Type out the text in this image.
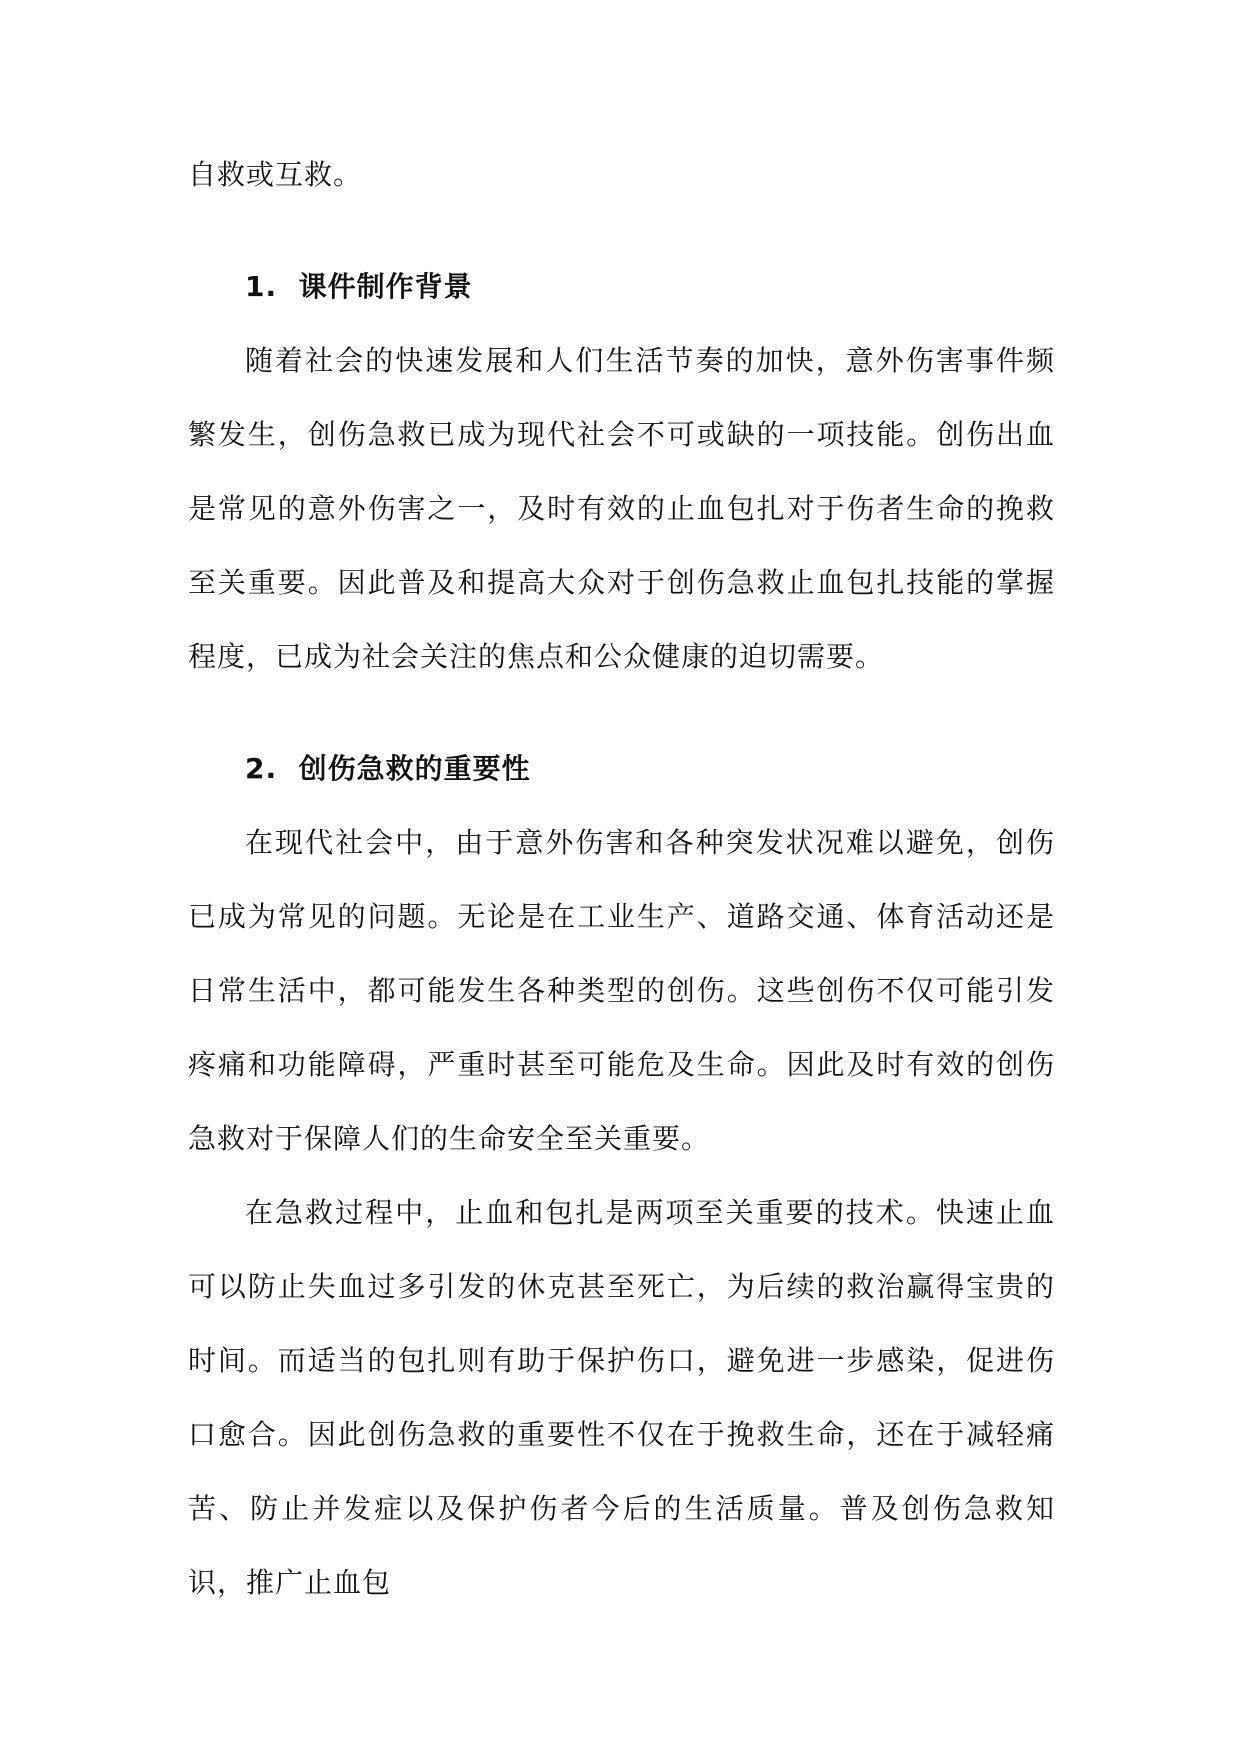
自救或互救。

1. 课件制作背景

随着社会的快速发展和人们生活节奏的加快，意外伤害事件频繁发生，创伤急救已成为现代社会不可或缺的一项技能。创伤出血是常见的意外伤害之一，及时有效的止血包扎对于伤者生命的挽救至关重要。因此普及和提高大众对于创伤急救止血包扎技能的掌握程度，已成为社会关注的焦点和公众健康的迫切需要。

2. 创伤急救的重要性

在现代社会中，由于意外伤害和各种突发状况难以避免，创伤已成为常见的问题。无论是在工业生产、道路交通、体育活动还是日常生活中，都可能发生各种类型的创伤。这些创伤不仅可能引发疼痛和功能障碍，严重时甚至可能危及生命。因此及时有效的创伤急救对于保障人们的生命安全至关重要。

在急救过程中，止血和包扎是两项至关重要的技术。快速止血可以防止失血过多引发的休克甚至死亡，为后续的救治赢得宝贵的时间。而适当的包扎则有助于保护伤口，避免进一步感染，促进伤口愈合。因此创伤急救的重要性不仅在于挽救生命，还在于减轻痛苦、防止并发症以及保护伤者今后的生活质量。普及创伤急救知识，推广止血包
